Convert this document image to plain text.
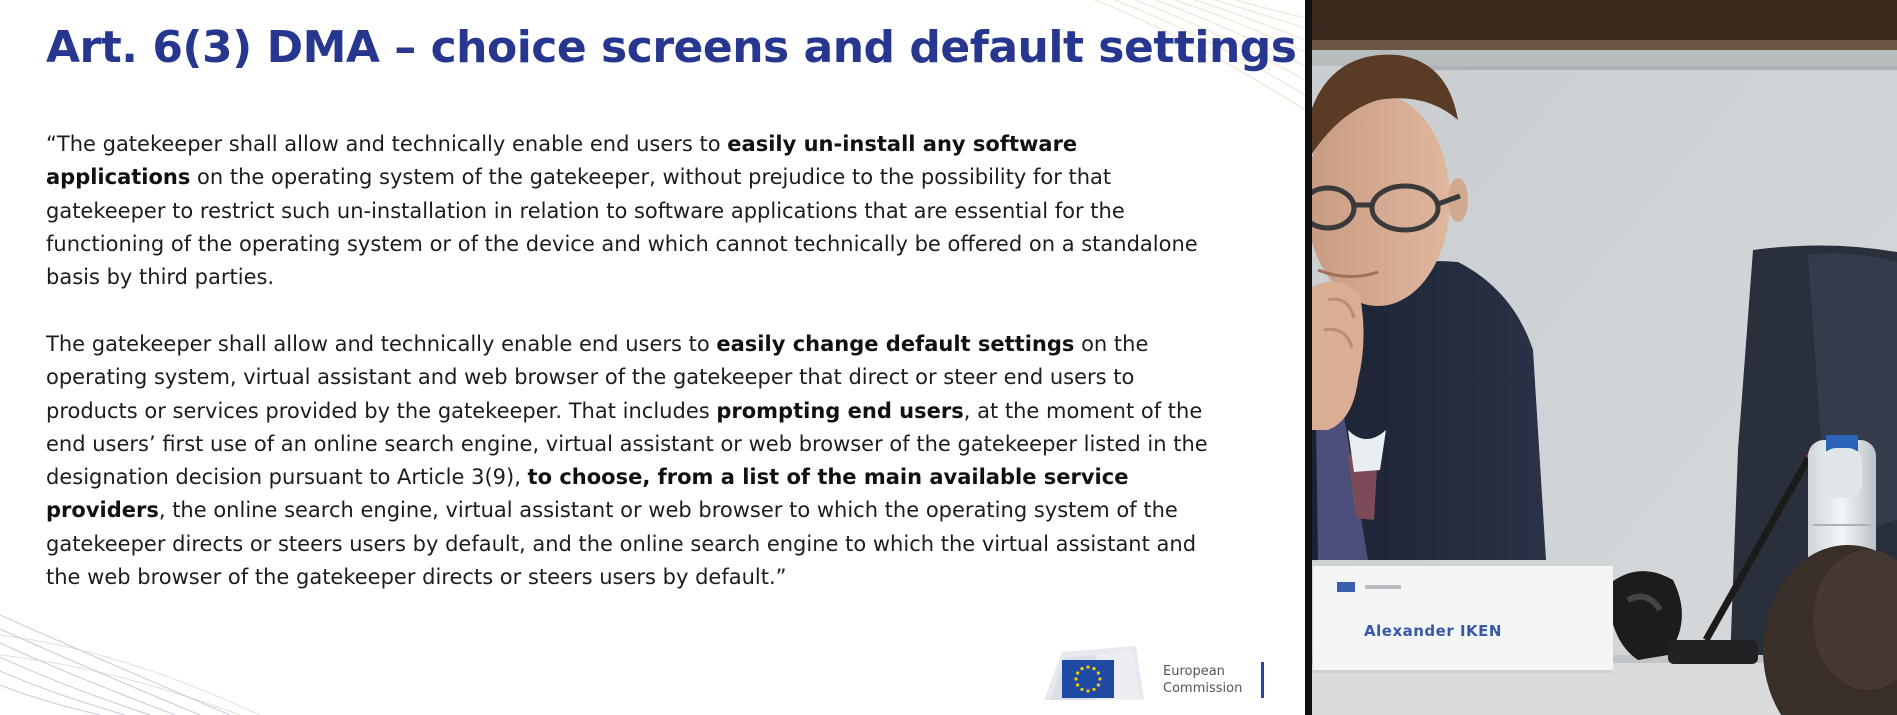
Art. 6(3) DMA – choice screens and default settings

“The gatekeeper shall allow and technically enable end users to easily un-install any software applications on the operating system of the gatekeeper, without prejudice to the possibility for that gatekeeper to restrict such un-installation in relation to software applications that are essential for the functioning of the operating system or of the device and which cannot technically be offered on a standalone basis by third parties.

The gatekeeper shall allow and technically enable end users to easily change default settings on the operating system, virtual assistant and web browser of the gatekeeper that direct or steer end users to products or services provided by the gatekeeper. That includes prompting end users, at the moment of the end users’ first use of an online search engine, virtual assistant or web browser of the gatekeeper listed in the designation decision pursuant to Article 3(9), to choose, from a list of the main available service providers, the online search engine, virtual assistant or web browser to which the operating system of the gatekeeper directs or steers users by default, and the online search engine to which the virtual assistant and the web browser of the gatekeeper directs or steers users by default.”

European
Commission
Alexander IKEN
